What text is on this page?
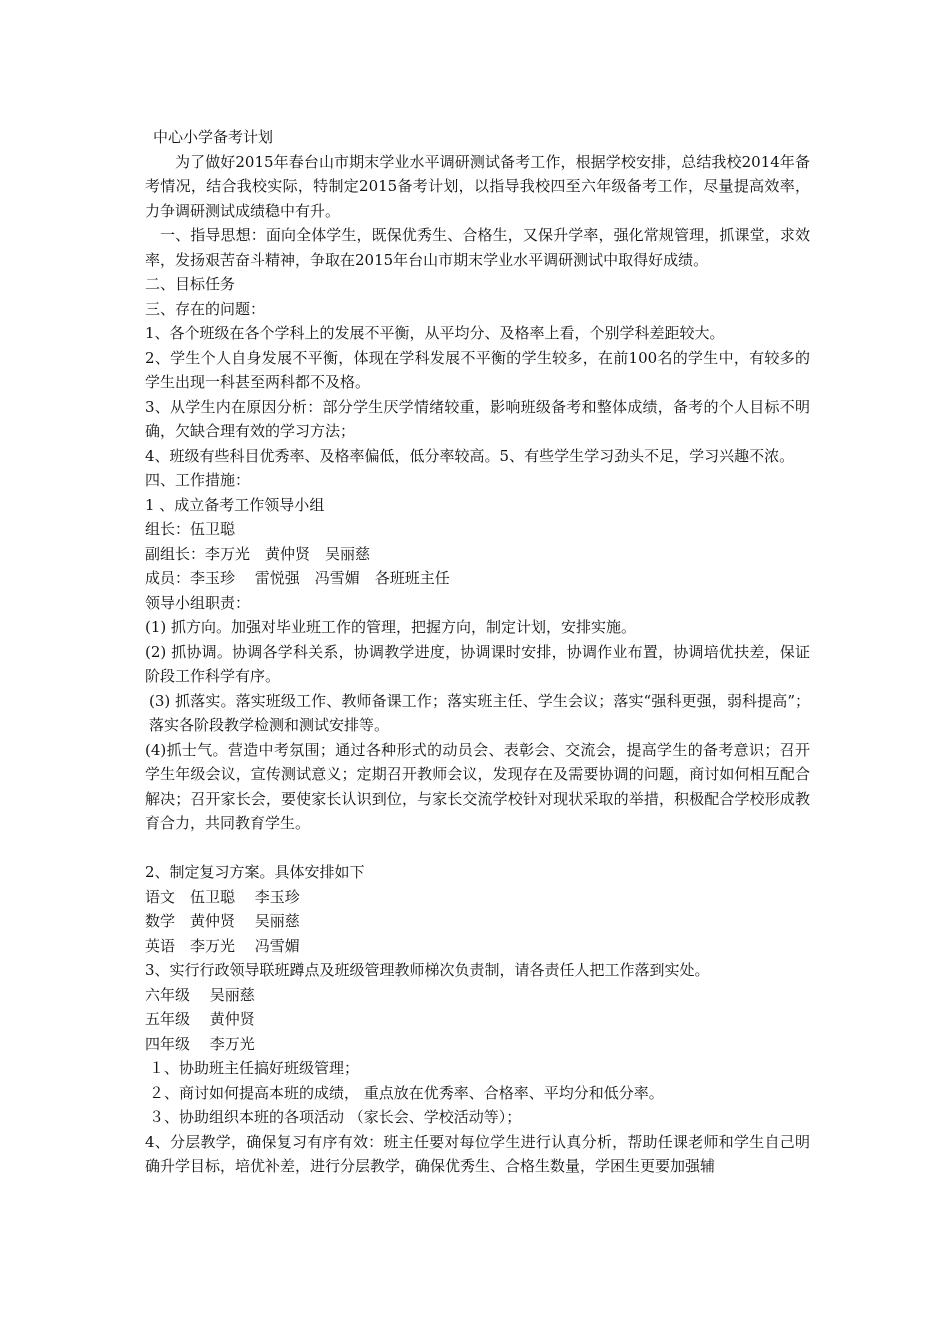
中心小学备考计划

为了做好2015年春台山市期末学业水平调研测试备考工作，根据学校安排，总结我校2014年备考情况，结合我校实际，特制定2015备考计划，以指导我校四至六年级备考工作，尽量提高效率，力争调研测试成绩稳中有升。

一、指导思想：面向全体学生，既保优秀生、合格生，又保升学率，强化常规管理，抓课堂，求效率，发扬艰苦奋斗精神，争取在2015年台山市期末学业水平调研测试中取得好成绩。

二、目标任务

三、存在的问题：

1、各个班级在各个学科上的发展不平衡，从平均分、及格率上看，个别学科差距较大。

2、学生个人自身发展不平衡，体现在学科发展不平衡的学生较多，在前100名的学生中，有较多的学生出现一科甚至两科都不及格。

3、从学生内在原因分析：部分学生厌学情绪较重，影响班级备考和整体成绩，备考的个人目标不明确，欠缺合理有效的学习方法；

4、班级有些科目优秀率、及格率偏低，低分率较高。5、有些学生学习劲头不足，学习兴趣不浓。

四、工作措施：

1 、成立备考工作领导小组

组长：伍卫聪

副组长：李万光　黄仲贤　吴丽慈

成员：李玉珍　 雷悦强　冯雪媚　各班班主任

领导小组职责：

(1) 抓方向。加强对毕业班工作的管理，把握方向，制定计划，安排实施。

(2) 抓协调。协调各学科关系，协调教学进度，协调课时安排，协调作业布置，协调培优扶差，保证阶段工作科学有序。

(3) 抓落实。落实班级工作、教师备课工作；落实班主任、学生会议；落实“强科更强，弱科提高”；落实各阶段教学检测和测试安排等。

(4)抓士气。营造中考氛围；通过各种形式的动员会、表彰会、交流会，提高学生的备考意识；召开学生年级会议，宣传测试意义；定期召开教师会议，发现存在及需要协调的问题，商讨如何相互配合解决；召开家长会，要使家长认识到位，与家长交流学校针对现状采取的举措，积极配合学校形成教育合力，共同教育学生。

2、制定复习方案。具体安排如下

语文　伍卫聪　 李玉珍

数学　黄仲贤　 吴丽慈

英语　李万光　 冯雪媚

3、实行行政领导联班蹲点及班级管理教师梯次负责制，请各责任人把工作落到实处。

六年级　 吴丽慈

五年级　 黄仲贤

四年级　 李万光

１、协助班主任搞好班级管理；

２、商讨如何提高本班的成绩， 重点放在优秀率、合格率、平均分和低分率。

３、协助组织本班的各项活动 （家长会、学校活动等）；

4、分层教学，确保复习有序有效：班主任要对每位学生进行认真分析，帮助任课老师和学生自己明确升学目标，培优补差，进行分层教学，确保优秀生、合格生数量，学困生更要加强辅
